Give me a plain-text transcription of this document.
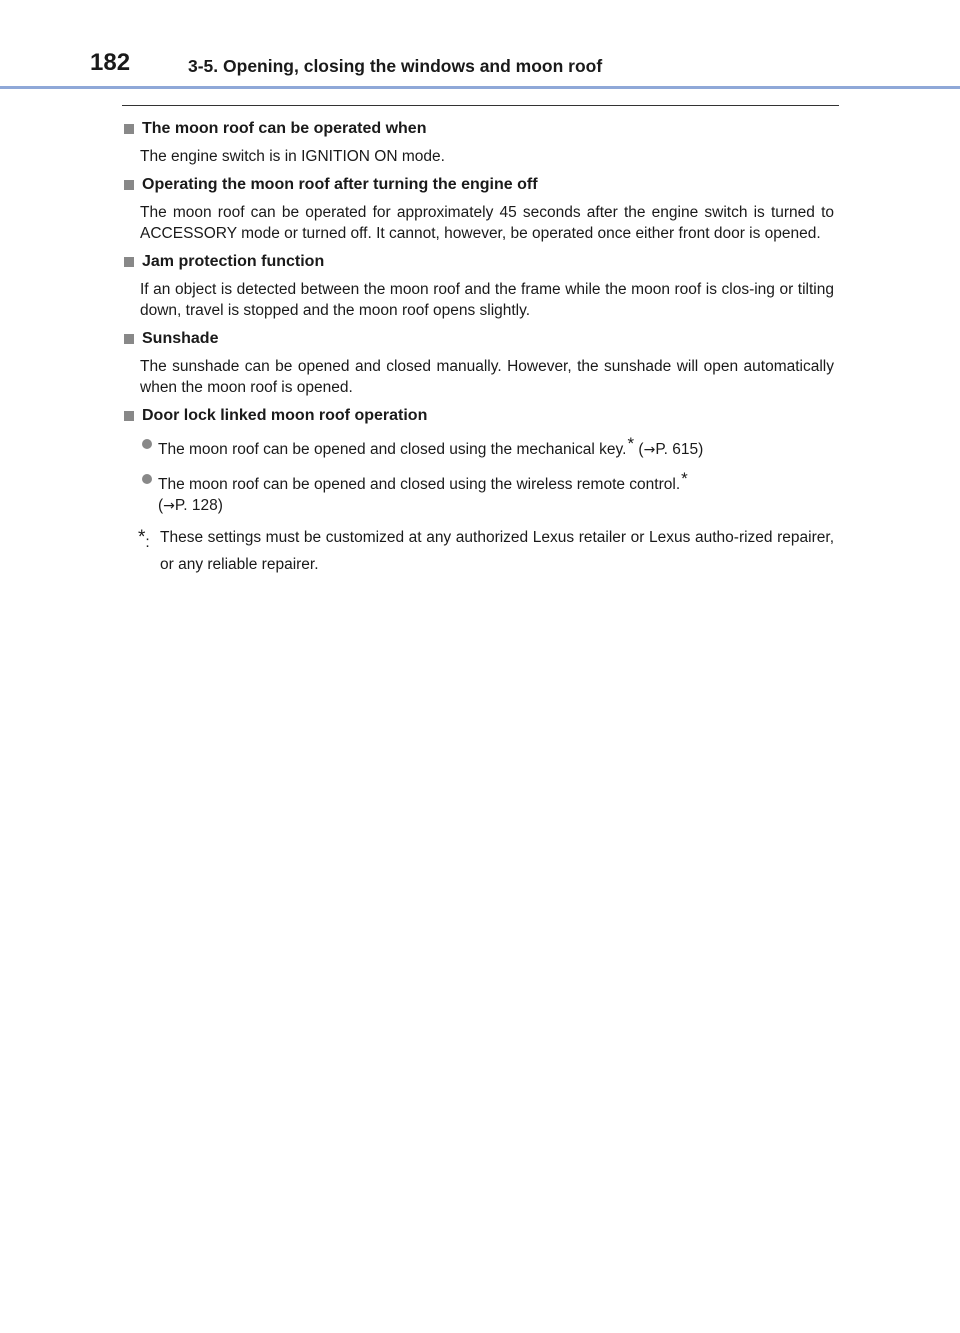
182	3-5. Opening, closing the windows and moon roof
The moon roof can be operated when
The engine switch is in IGNITION ON mode.
Operating the moon roof after turning the engine off
The moon roof can be operated for approximately 45 seconds after the engine switch is turned to ACCESSORY mode or turned off. It cannot, however, be operated once either front door is opened.
Jam protection function
If an object is detected between the moon roof and the frame while the moon roof is clos-ing or tilting down, travel is stopped and the moon roof opens slightly.
Sunshade
The sunshade can be opened and closed manually. However, the sunshade will open automatically when the moon roof is opened.
Door lock linked moon roof operation
The moon roof can be opened and closed using the mechanical key.* (→P. 615)
The moon roof can be opened and closed using the wireless remote control.*
(→P. 128)
*: These settings must be customized at any authorized Lexus retailer or Lexus autho-rized repairer, or any reliable repairer.
